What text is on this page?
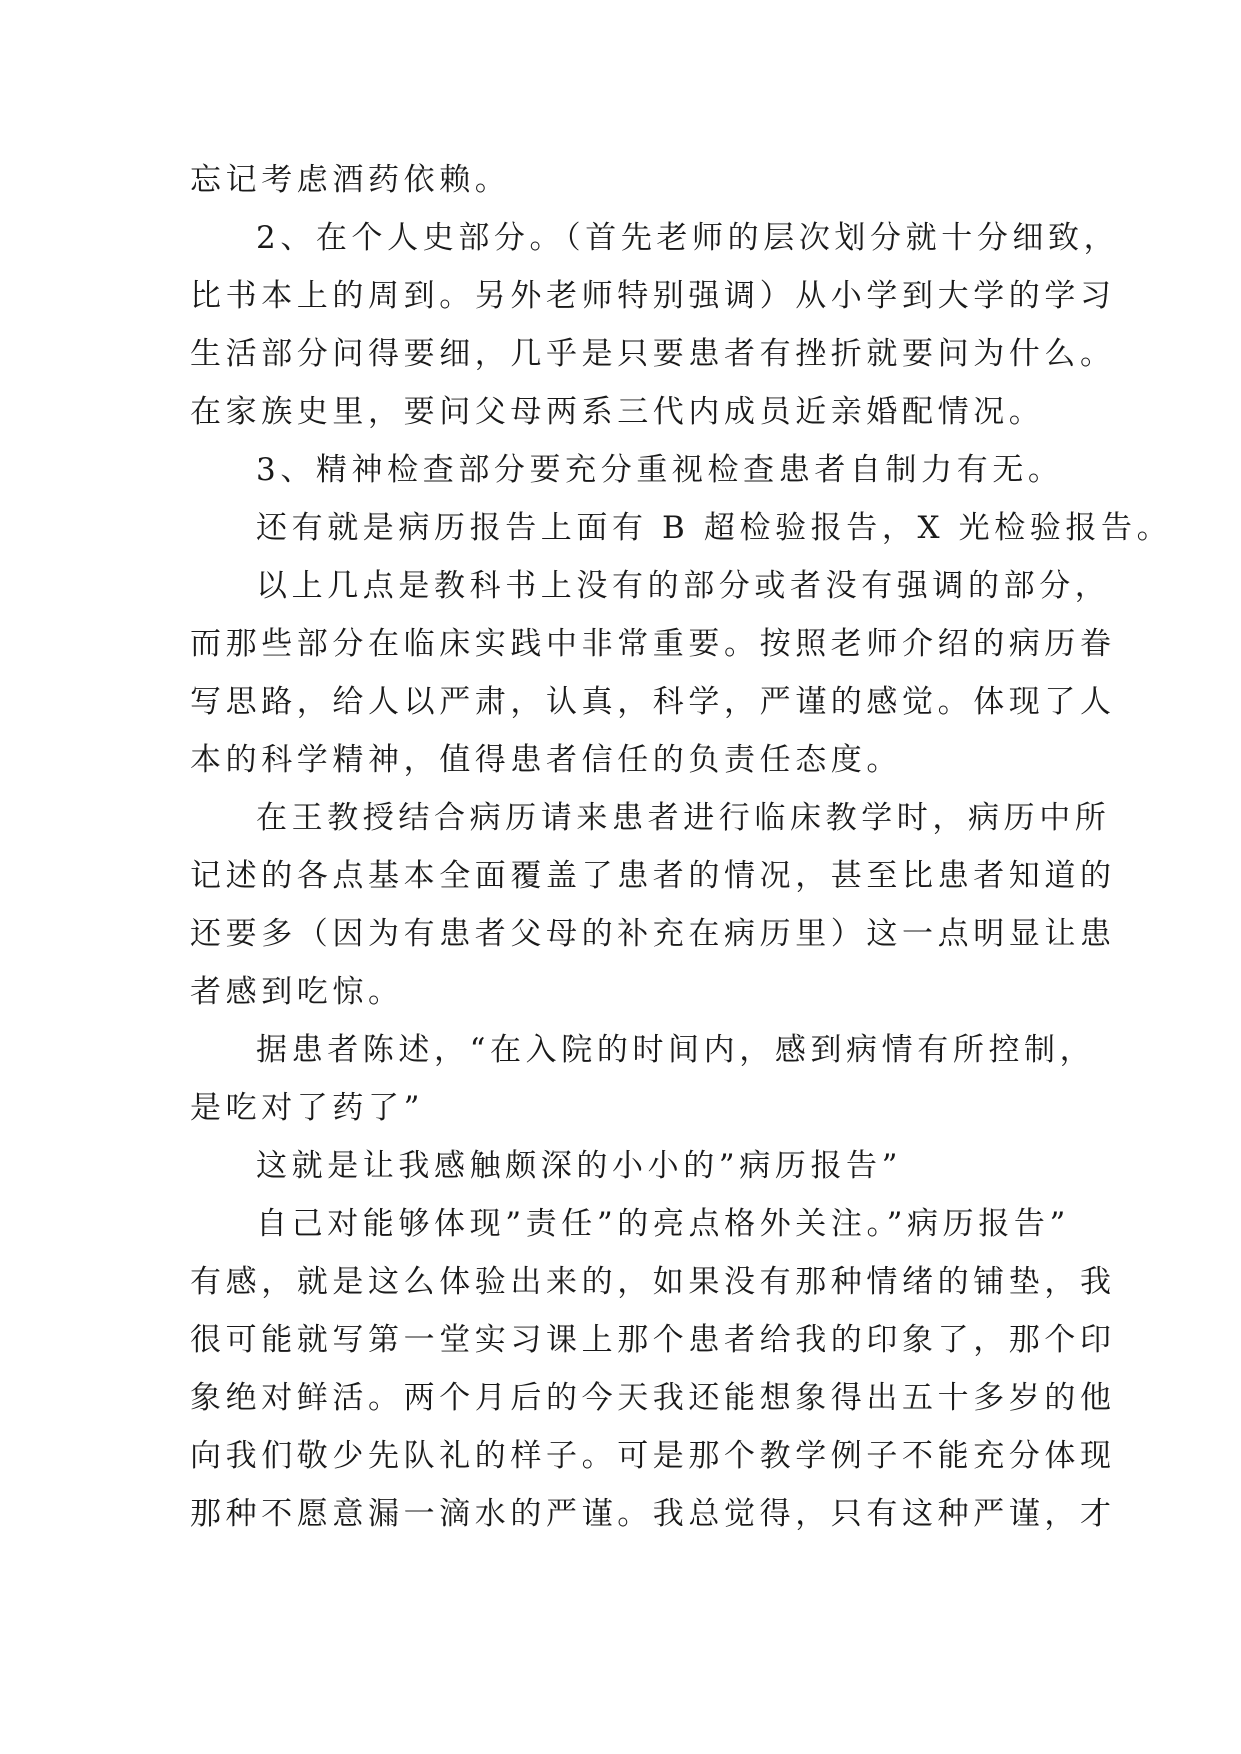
忘记考虑酒药依赖。
2、在个人史部分。（首先老师的层次划分就十分细致，
比书本上的周到。另外老师特别强调）从小学到大学的学习
生活部分问得要细，几乎是只要患者有挫折就要问为什么。
在家族史里，要问父母两系三代内成员近亲婚配情况。
3、精神检查部分要充分重视检查患者自制力有无。
还有就是病历报告上面有 B 超检验报告，X 光检验报告。
以上几点是教科书上没有的部分或者没有强调的部分，
而那些部分在临床实践中非常重要。按照老师介绍的病历眷
写思路，给人以严肃，认真，科学，严谨的感觉。体现了人
本的科学精神，值得患者信任的负责任态度。
在王教授结合病历请来患者进行临床教学时，病历中所
记述的各点基本全面覆盖了患者的情况，甚至比患者知道的
还要多（因为有患者父母的补充在病历里）这一点明显让患
者感到吃惊。
据患者陈述，“在入院的时间内，感到病情有所控制，
是吃对了药了”
这就是让我感触颇深的小小的”病历报告”
自己对能够体现”责任”的亮点格外关注。”病历报告”
有感，就是这么体验出来的，如果没有那种情绪的铺垫，我
很可能就写第一堂实习课上那个患者给我的印象了，那个印
象绝对鲜活。两个月后的今天我还能想象得出五十多岁的他
向我们敬少先队礼的样子。可是那个教学例子不能充分体现
那种不愿意漏一滴水的严谨。我总觉得，只有这种严谨，才
